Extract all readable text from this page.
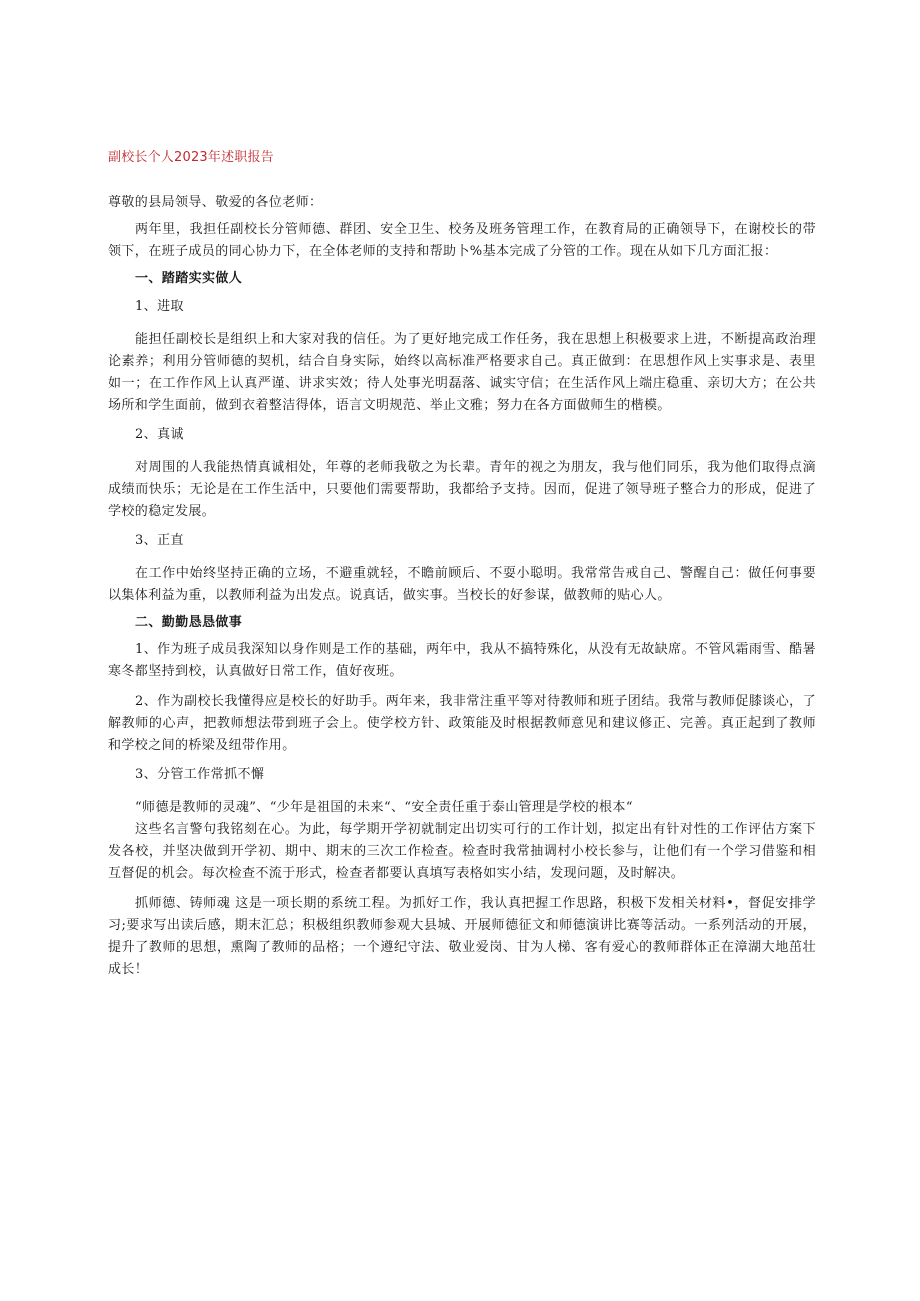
副校长个人2023年述职报告

尊敬的县局领导、敬爱的各位老师：

两年里，我担任副校长分管师德、群团、安全卫生、校务及班务管理工作，在教育局的正确领导下，在谢校长的带领下，在班子成员的同心协力下，在全体老师的支持和帮助卜%基本完成了分管的工作。现在从如下几方面汇报：

一、踏踏实实做人
1、进取

能担任副校长是组织上和大家对我的信任。为了更好地完成工作任务，我在思想上积极要求上进，不断提高政治理论素养；利用分管师德的契机，结合自身实际，始终以高标准严格要求自己。真正做到：在思想作风上实事求是、表里如一；在工作作风上认真严谨、讲求实效；待人处事光明磊落、诚实守信；在生活作风上端庄稳重、亲切大方；在公共场所和学生面前，做到衣着整洁得体，语言文明规范、举止文雅；努力在各方面做师生的楷模。

2、真诚

对周围的人我能热情真诚相处，年尊的老师我敬之为长辈。青年的视之为朋友，我与他们同乐，我为他们取得点滴成绩而快乐；无论是在工作生活中，只要他们需要帮助，我都给予支持。因而，促进了领导班子整合力的形成，促进了学校的稳定发展。

3、正直

在工作中始终坚持正确的立场，不避重就轻，不瞻前顾后、不耍小聪明。我常常告戒自己、警醒自己：做任何事要以集体利益为重，以教师利益为出发点。说真话，做实事。当校长的好参谋，做教师的贴心人。

二、勤勤恳恳做事

1、作为班子成员我深知以身作则是工作的基础，两年中，我从不搞特殊化，从没有无故缺席。不管风霜雨雪、酷暑寒冬都坚持到校，认真做好日常工作，值好夜班。

2、作为副校长我懂得应是校长的好助手。两年来，我非常注重平等对待教师和班子团结。我常与教师促膝谈心，了解教师的心声，把教师想法带到班子会上。使学校方针、政策能及时根据教师意见和建议修正、完善。真正起到了教师和学校之间的桥梁及纽带作用。

3、分管工作常抓不懈

“师德是教师的灵魂”、“少年是祖国的未来“、“安全责任重于泰山管理是学校的根本“

这些名言警句我铭刻在心。为此，每学期开学初就制定出切实可行的工作计划，拟定出有针对性的工作评估方案下发各校，并坚决做到开学初、期中、期末的三次工作检查。检查时我常抽调村小校长参与，让他们有一个学习借鉴和相互督促的机会。每次检查不流于形式，检查者都要认真填写表格如实小结，发现问题，及时解决。

抓师德、铸师魂 这是一项长期的系统工程。为抓好工作，我认真把握工作思路，积极下发相关材料•，督促安排学习;要求写出读后感，期末汇总；积极组织教师参观大县城、开展师德征文和师德演讲比赛等活动。一系列活动的开展，提升了教师的思想，熏陶了教师的品格；一个遵纪守法、敬业爱岗、甘为人梯、客有爱心的教师群体正在漳湖大地茁壮成长！
